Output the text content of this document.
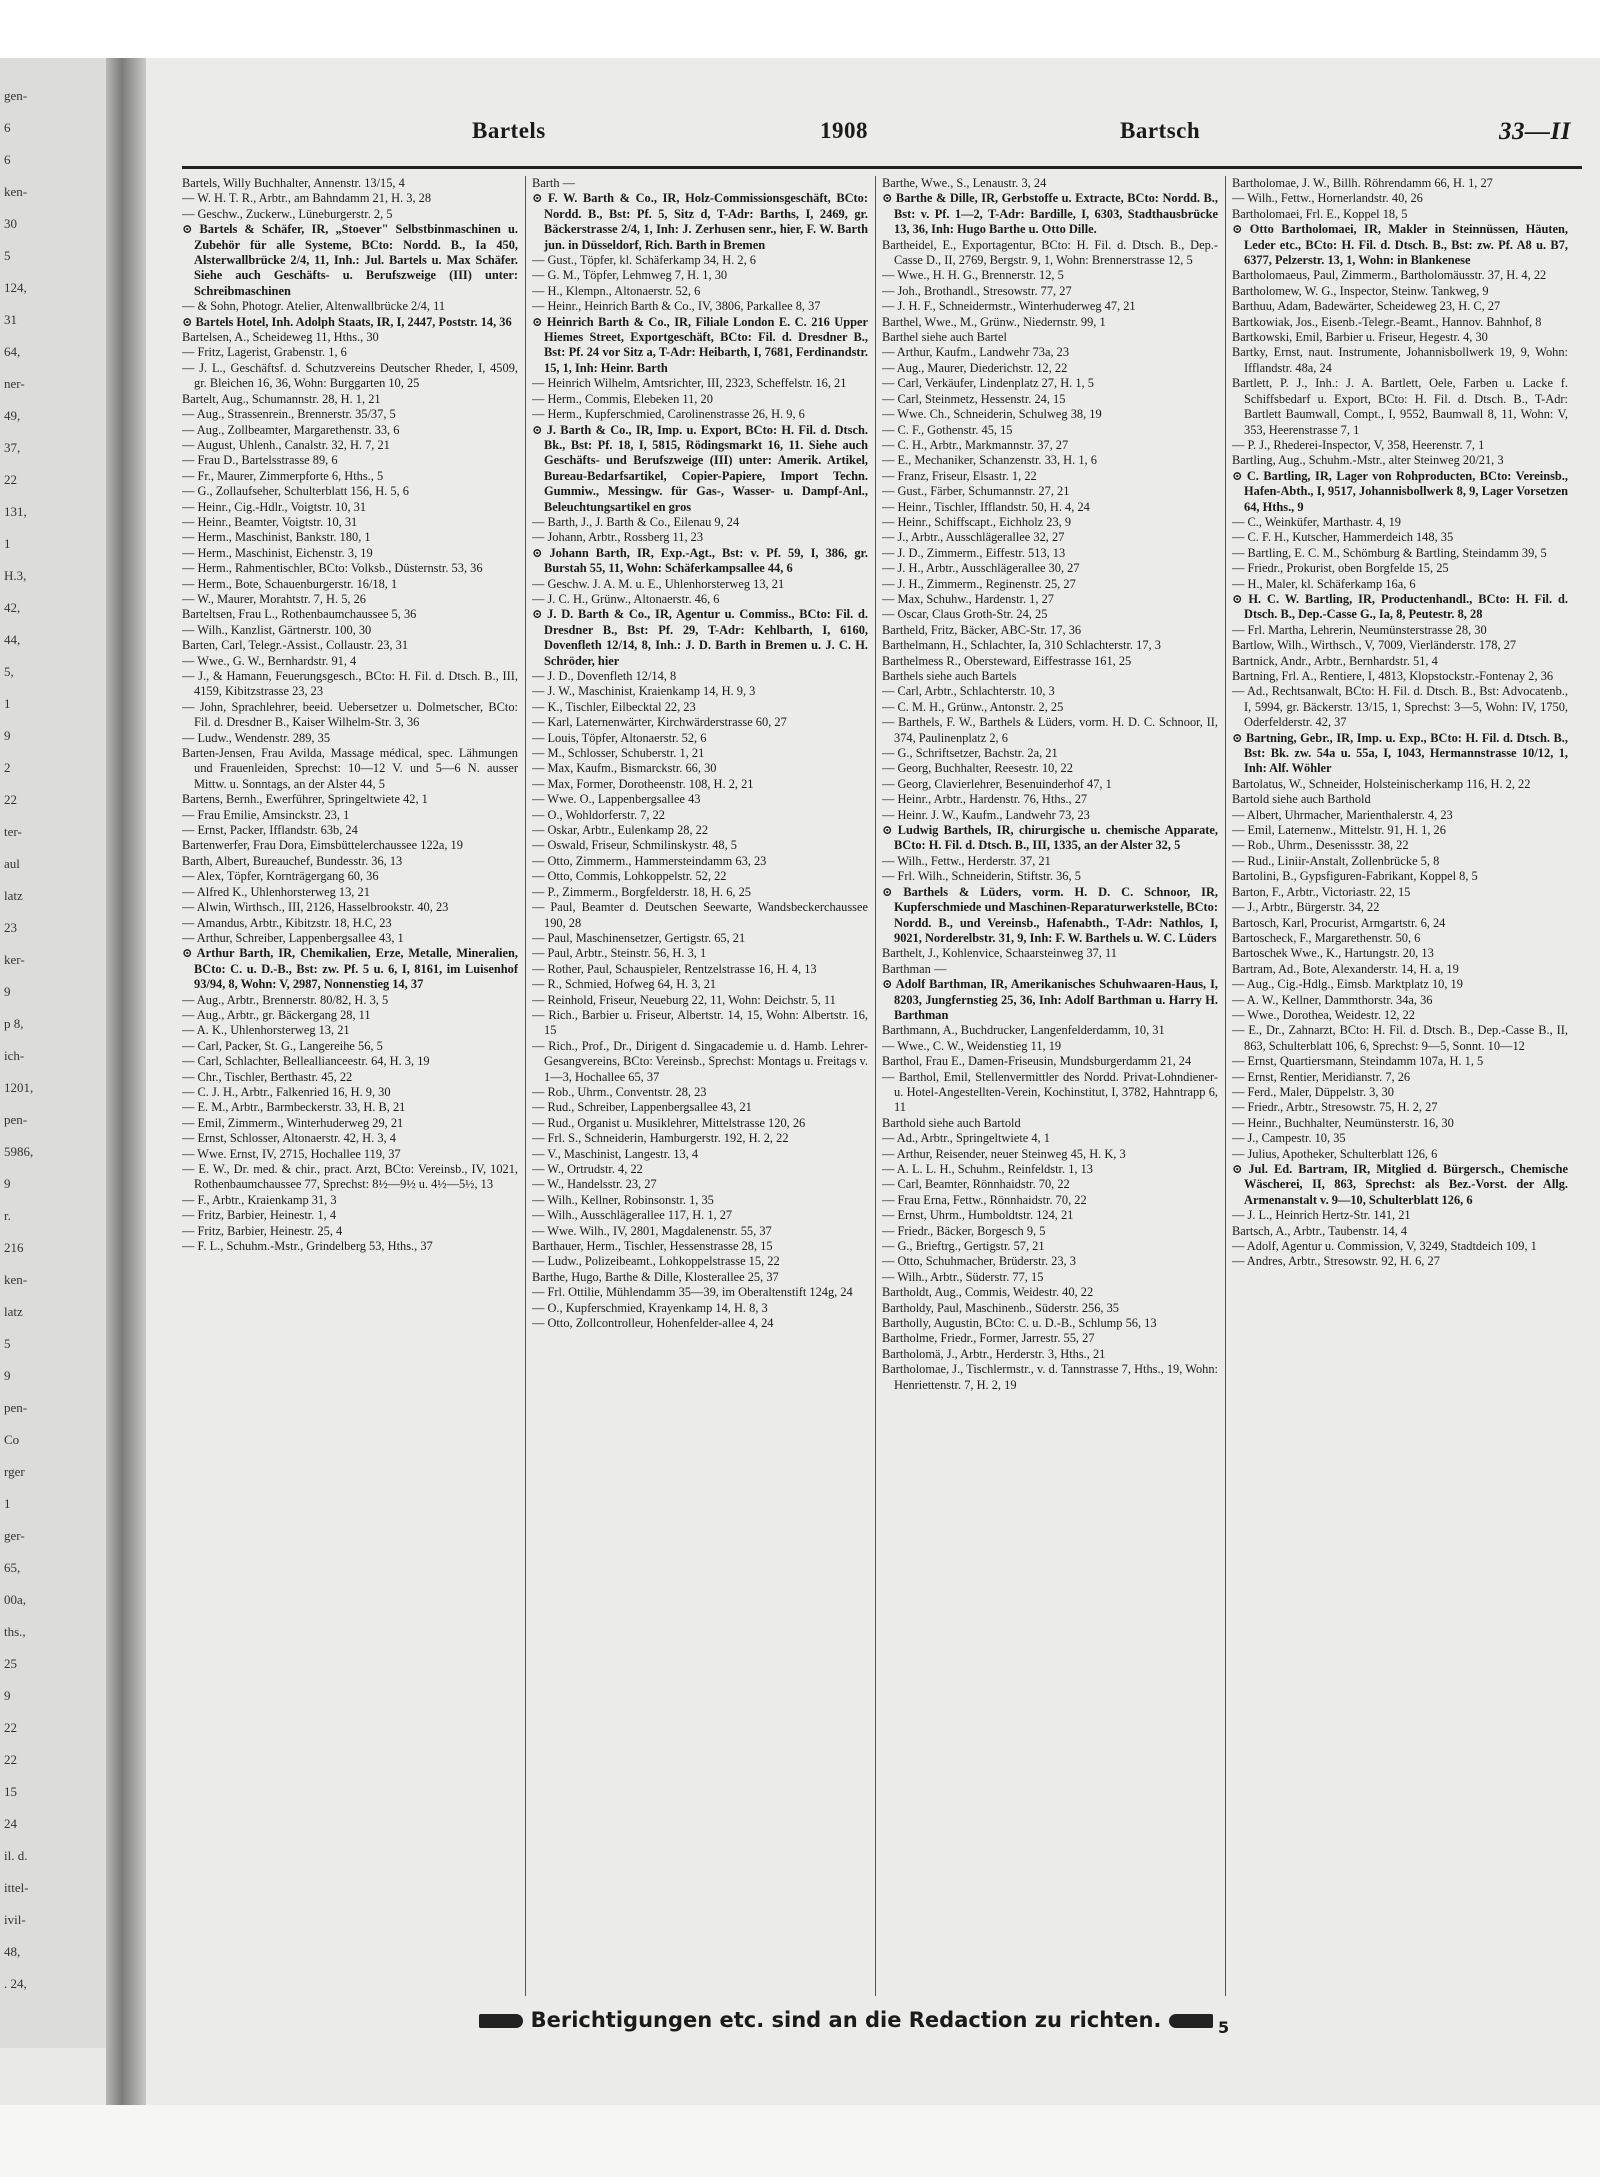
gen-
6
6
ken-
30
5
124,
31
64,
ner-
49,
37,
22
131,
1
H.3,
42,
44,
5,
1
9
2
22
ter-
aul
latz
23
ker-
9
p 8,
ich-
1201,
pen-
5986,
9
r.
216
ken-
latz
5
9
pen-
Co
rger
1
ger-
65,
00a,
ths.,
25
9
22
22
15
24
il. d.
ittel-
ivil-
48,
. 24,
Bartels	1908	Bartsch	33—II

Bartels, Willy Buchhalter, Annenstr. 13/15, 4

— W. H. T. R., Arbtr., am Bahndamm 21, H. 3, 28

— Geschw., Zuckerw., Lüneburgerstr. 2, 5

⊙ Bartels & Schäfer, IR, „Stoever" Selbstbinmaschinen u. Zubehör für alle Systeme, BCto: Nordd. B., Ia 450, Alsterwallbrücke 2/4, 11, Inh.: Jul. Bartels u. Max Schäfer. Siehe auch Geschäfts- u. Berufszweige (III) unter: Schreibmaschinen

— & Sohn, Photogr. Atelier, Altenwallbrücke 2/4, 11

⊙ Bartels Hotel, Inh. Adolph Staats, IR, I, 2447, Poststr. 14, 36

Bartelsen, A., Scheideweg 11, Hths., 30

— Fritz, Lagerist, Grabenstr. 1, 6

— J. L., Geschäftsf. d. Schutzvereins Deutscher Rheder, I, 4509, gr. Bleichen 16, 36, Wohn: Burggarten 10, 25

Bartelt, Aug., Schumannstr. 28, H. 1, 21

— Aug., Strassenrein., Brennerstr. 35/37, 5

— Aug., Zollbeamter, Margarethenstr. 33, 6

— August, Uhlenh., Canalstr. 32, H. 7, 21

— Frau D., Bartelsstrasse 89, 6

— Fr., Maurer, Zimmerpforte 6, Hths., 5

— G., Zollaufseher, Schulterblatt 156, H. 5, 6

— Heinr., Cig.-Hdlr., Voigtstr. 10, 31

— Heinr., Beamter, Voigtstr. 10, 31

— Herm., Maschinist, Bankstr. 180, 1

— Herm., Maschinist, Eichenstr. 3, 19

— Herm., Rahmentischler, BCto: Volksb., Düsternstr. 53, 36

— Herm., Bote, Schauenburgerstr. 16/18, 1

— W., Maurer, Morahtstr. 7, H. 5, 26

Barteltsen, Frau L., Rothenbaumchaussee 5, 36

— Wilh., Kanzlist, Gärtnerstr. 100, 30

Barten, Carl, Telegr.-Assist., Collaustr. 23, 31

— Wwe., G. W., Bernhardstr. 91, 4

— J., & Hamann, Feuerungsgesch., BCto: H. Fil. d. Dtsch. B., III, 4159, Kibitzstrasse 23, 23

— John, Sprachlehrer, beeid. Uebersetzer u. Dolmetscher, BCto: Fil. d. Dresdner B., Kaiser Wilhelm-Str. 3, 36

— Ludw., Wendenstr. 289, 35

Barten-Jensen, Frau Avilda, Massage médical, spec. Lähmungen und Frauenleiden, Sprechst: 10—12 V. und 5—6 N. ausser Mittw. u. Sonntags, an der Alster 44, 5

Bartens, Bernh., Ewerführer, Springeltwiete 42, 1

— Frau Emilie, Amsinckstr. 23, 1

— Ernst, Packer, Ifflandstr. 63b, 24

Bartenwerfer, Frau Dora, Eimsbüttelerchaussee 122a, 19

Barth, Albert, Bureauchef, Bundesstr. 36, 13

— Alex, Töpfer, Kornträgergang 60, 36

— Alfred K., Uhlenhorsterweg 13, 21

— Alwin, Wirthsch., III, 2126, Hasselbrookstr. 40, 23

— Amandus, Arbtr., Kibitzstr. 18, H.C, 23

— Arthur, Schreiber, Lappenbergsallee 43, 1

⊙ Arthur Barth, IR, Chemikalien, Erze, Metalle, Mineralien, BCto: C. u. D.-B., Bst: zw. Pf. 5 u. 6, I, 8161, im Luisenhof 93/94, 8, Wohn: V, 2987, Nonnenstieg 14, 37

— Aug., Arbtr., Brennerstr. 80/82, H. 3, 5

— Aug., Arbtr., gr. Bäckergang 28, 11

— A. K., Uhlenhorsterweg 13, 21

— Carl, Packer, St. G., Langereihe 56, 5

— Carl, Schlachter, Belleallianceestr. 64, H. 3, 19

— Chr., Tischler, Berthastr. 45, 22

— C. J. H., Arbtr., Falkenried 16, H. 9, 30

— E. M., Arbtr., Barmbeckerstr. 33, H. B, 21

— Emil, Zimmerm., Winterhuderweg 29, 21

— Ernst, Schlosser, Altonaerstr. 42, H. 3, 4

— Wwe. Ernst, IV, 2715, Hochallee 119, 37

— E. W., Dr. med. & chir., pract. Arzt, BCto: Vereinsb., IV, 1021, Rothenbaumchaussee 77, Sprechst: 8½—9½ u. 4½—5½, 13

— F., Arbtr., Kraienkamp 31, 3

— Fritz, Barbier, Heinestr. 1, 4

— Fritz, Barbier, Heinestr. 25, 4

— F. L., Schuhm.-Mstr., Grindelberg 53, Hths., 37

Barth —

⊙ F. W. Barth & Co., IR, Holz-Commissionsgeschäft, BCto: Nordd. B., Bst: Pf. 5, Sitz d, T-Adr: Barths, I, 2469, gr. Bäckerstrasse 2/4, 1, Inh: J. Zerhusen senr., hier, F. W. Barth jun. in Düsseldorf, Rich. Barth in Bremen

— Gust., Töpfer, kl. Schäferkamp 34, H. 2, 6

— G. M., Töpfer, Lehmweg 7, H. 1, 30

— H., Klempn., Altonaerstr. 52, 6

— Heinr., Heinrich Barth & Co., IV, 3806, Parkallee 8, 37

⊙ Heinrich Barth & Co., IR, Filiale London E. C. 216 Upper Hiemes Street, Exportgeschäft, BCto: Fil. d. Dresdner B., Bst: Pf. 24 vor Sitz a, T-Adr: Heibarth, I, 7681, Ferdinandstr. 15, 1, Inh: Heinr. Barth

— Heinrich Wilhelm, Amtsrichter, III, 2323, Scheffelstr. 16, 21

— Herm., Commis, Elebeken 11, 20

— Herm., Kupferschmied, Carolinenstrasse 26, H. 9, 6

⊙ J. Barth & Co., IR, Imp. u. Export, BCto: H. Fil. d. Dtsch. Bk., Bst: Pf. 18, I, 5815, Rödingsmarkt 16, 11. Siehe auch Geschäfts- und Berufszweige (III) unter: Amerik. Artikel, Bureau-Bedarfsartikel, Copier-Papiere, Import Techn. Gummiw., Messingw. für Gas-, Wasser- u. Dampf-Anl., Beleuchtungsartikel en gros

— Barth, J., J. Barth & Co., Eilenau 9, 24

— Johann, Arbtr., Rossberg 11, 23

⊙ Johann Barth, IR, Exp.-Agt., Bst: v. Pf. 59, I, 386, gr. Burstah 55, 11, Wohn: Schäferkampsallee 44, 6

— Geschw. J. A. M. u. E., Uhlenhorsterweg 13, 21

— J. C. H., Grünw., Altonaerstr. 46, 6

⊙ J. D. Barth & Co., IR, Agentur u. Commiss., BCto: Fil. d. Dresdner B., Bst: Pf. 29, T-Adr: Kehlbarth, I, 6160, Dovenfleth 12/14, 8, Inh.: J. D. Barth in Bremen u. J. C. H. Schröder, hier

— J. D., Dovenfleth 12/14, 8

— J. W., Maschinist, Kraienkamp 14, H. 9, 3

— K., Tischler, Eilbecktal 22, 23

— Karl, Laternenwärter, Kirchwärderstrasse 60, 27

— Louis, Töpfer, Altonaerstr. 52, 6

— M., Schlosser, Schuberstr. 1, 21

— Max, Kaufm., Bismarckstr. 66, 30

— Max, Former, Dorotheenstr. 108, H. 2, 21

— Wwe. O., Lappenbergsallee 43

— O., Wohldorferstr. 7, 22

— Oskar, Arbtr., Eulenkamp 28, 22

— Oswald, Friseur, Schmilinskystr. 48, 5

— Otto, Zimmerm., Hammersteindamm 63, 23

— Otto, Commis, Lohkoppelstr. 52, 22

— P., Zimmerm., Borgfelderstr. 18, H. 6, 25

— Paul, Beamter d. Deutschen Seewarte, Wandsbeckerchaussee 190, 28

— Paul, Maschinensetzer, Gertigstr. 65, 21

— Paul, Arbtr., Steinstr. 56, H. 3, 1

— Rother, Paul, Schauspieler, Rentzelstrasse 16, H. 4, 13

— R., Schmied, Hofweg 64, H. 3, 21

— Reinhold, Friseur, Neueburg 22, 11, Wohn: Deichstr. 5, 11

— Rich., Barbier u. Friseur, Albertstr. 14, 15, Wohn: Albertstr. 16, 15

— Rich., Prof., Dr., Dirigent d. Singacademie u. d. Hamb. Lehrer-Gesangvereins, BCto: Vereinsb., Sprechst: Montags u. Freitags v. 1—3, Hochallee 65, 37

— Rob., Uhrm., Conventstr. 28, 23

— Rud., Schreiber, Lappenbergsallee 43, 21

— Rud., Organist u. Musiklehrer, Mittelstrasse 120, 26

— Frl. S., Schneiderin, Hamburgerstr. 192, H. 2, 22

— V., Maschinist, Langestr. 13, 4

— W., Ortrudstr. 4, 22

— W., Handelsstr. 23, 27

— Wilh., Kellner, Robinsonstr. 1, 35

— Wilh., Ausschlägerallee 117, H. 1, 27

— Wwe. Wilh., IV, 2801, Magdalenenstr. 55, 37

Barthauer, Herm., Tischler, Hessenstrasse 28, 15

— Ludw., Polizeibeamt., Lohkoppelstrasse 15, 22

Barthe, Hugo, Barthe & Dille, Klosterallee 25, 37

— Frl. Ottilie, Mühlendamm 35—39, im Oberaltenstift 124g, 24

— O., Kupferschmied, Krayenkamp 14, H. 8, 3

— Otto, Zollcontrolleur, Hohenfelder-allee 4, 24

Barthe, Wwe., S., Lenaustr. 3, 24

⊙ Barthe & Dille, IR, Gerbstoffe u. Extracte, BCto: Nordd. B., Bst: v. Pf. 1—2, T-Adr: Bardille, I, 6303, Stadthausbrücke 13, 36, Inh: Hugo Barthe u. Otto Dille.

Bartheidel, E., Exportagentur, BCto: H. Fil. d. Dtsch. B., Dep.-Casse D., II, 2769, Bergstr. 9, 1, Wohn: Brennerstrasse 12, 5

— Wwe., H. H. G., Brennerstr. 12, 5

— Joh., Brothandl., Stresowstr. 77, 27

— J. H. F., Schneidermstr., Winterhuderweg 47, 21

Barthel, Wwe., M., Grünw., Niedernstr. 99, 1

Barthel siehe auch Bartel

— Arthur, Kaufm., Landwehr 73a, 23

— Aug., Maurer, Diederichstr. 12, 22

— Carl, Verkäufer, Lindenplatz 27, H. 1, 5

— Carl, Steinmetz, Hessenstr. 24, 15

— Wwe. Ch., Schneiderin, Schulweg 38, 19

— C. F., Gothenstr. 45, 15

— C. H., Arbtr., Markmannstr. 37, 27

— E., Mechaniker, Schanzenstr. 33, H. 1, 6

— Franz, Friseur, Elsastr. 1, 22

— Gust., Färber, Schumannstr. 27, 21

— Heinr., Tischler, Ifflandstr. 50, H. 4, 24

— Heinr., Schiffscapt., Eichholz 23, 9

— J., Arbtr., Ausschlägerallee 32, 27

— J. D., Zimmerm., Eiffestr. 513, 13

— J. H., Arbtr., Ausschlägerallee 30, 27

— J. H., Zimmerm., Reginenstr. 25, 27

— Max, Schuhw., Hardenstr. 1, 27

— Oscar, Claus Groth-Str. 24, 25

Bartheld, Fritz, Bäcker, ABC-Str. 17, 36

Barthelmann, H., Schlachter, Ia, 310 Schlachterstr. 17, 3

Barthelmess R., Obersteward, Eiffestrasse 161, 25

Barthels siehe auch Bartels

— Carl, Arbtr., Schlachterstr. 10, 3

— C. M. H., Grünw., Antonstr. 2, 25

— Barthels, F. W., Barthels & Lüders, vorm. H. D. C. Schnoor, II, 374, Paulinenplatz 2, 6

— G., Schriftsetzer, Bachstr. 2a, 21

— Georg, Buchhalter, Reesestr. 10, 22

— Georg, Clavierlehrer, Besenuinderhof 47, 1

— Heinr., Arbtr., Hardenstr. 76, Hths., 27

— Heinr. J. W., Kaufm., Landwehr 73, 23

⊙ Ludwig Barthels, IR, chirurgische u. chemische Apparate, BCto: H. Fil. d. Dtsch. B., III, 1335, an der Alster 32, 5

— Wilh., Fettw., Herderstr. 37, 21

— Frl. Wilh., Schneiderin, Stiftstr. 36, 5

⊙ Barthels & Lüders, vorm. H. D. C. Schnoor, IR, Kupferschmiede und Maschinen-Reparaturwerkstelle, BCto: Nordd. B., und Vereinsb., Hafenabth., T-Adr: Nathlos, I, 9021, Norderelbstr. 31, 9, Inh: F. W. Barthels u. W. C. Lüders

Barthelt, J., Kohlenvice, Schaarsteinweg 37, 11

Barthman —

⊙ Adolf Barthman, IR, Amerikanisches Schuhwaaren-Haus, I, 8203, Jungfernstieg 25, 36, Inh: Adolf Barthman u. Harry H. Barthman

Barthmann, A., Buchdrucker, Langenfelderdamm, 10, 31

— Wwe., C. W., Weidenstieg 11, 19

Barthol, Frau E., Damen-Friseusin, Mundsburgerdamm 21, 24

— Barthol, Emil, Stellenvermittler des Nordd. Privat-Lohndiener-u. Hotel-Angestellten-Verein, Kochinstitut, I, 3782, Hahntrapp 6, 11

Barthold siehe auch Bartold

— Ad., Arbtr., Springeltwiete 4, 1

— Arthur, Reisender, neuer Steinweg 45, H. K, 3

— A. L. L. H., Schuhm., Reinfeldstr. 1, 13

— Carl, Beamter, Rönnhaidstr. 70, 22

— Frau Erna, Fettw., Rönnhaidstr. 70, 22

— Ernst, Uhrm., Humboldtstr. 124, 21

— Friedr., Bäcker, Borgesch 9, 5

— G., Brieftrg., Gertigstr. 57, 21

— Otto, Schuhmacher, Brüderstr. 23, 3

— Wilh., Arbtr., Süderstr. 77, 15

Bartholdt, Aug., Commis, Weidestr. 40, 22

Bartholdy, Paul, Maschinenb., Süderstr. 256, 35

Bartholly, Augustin, BCto: C. u. D.-B., Schlump 56, 13

Bartholme, Friedr., Former, Jarrestr. 55, 27

Bartholomä, J., Arbtr., Herderstr. 3, Hths., 21

Bartholomae, J., Tischlermstr., v. d. Tannstrasse 7, Hths., 19, Wohn: Henriettenstr. 7, H. 2, 19

Bartholomae, J. W., Billh. Röhrendamm 66, H. 1, 27

— Wilh., Fettw., Hornerlandstr. 40, 26

Bartholomaei, Frl. E., Koppel 18, 5

⊙ Otto Bartholomaei, IR, Makler in Steinnüssen, Häuten, Leder etc., BCto: H. Fil. d. Dtsch. B., Bst: zw. Pf. A8 u. B7, 6377, Pelzerstr. 13, 1, Wohn: in Blankenese

Bartholomaeus, Paul, Zimmerm., Bartholomäusstr. 37, H. 4, 22

Bartholomew, W. G., Inspector, Steinw. Tankweg, 9

Barthuu, Adam, Badewärter, Scheideweg 23, H. C, 27

Bartkowiak, Jos., Eisenb.-Telegr.-Beamt., Hannov. Bahnhof, 8

Bartkowski, Emil, Barbier u. Friseur, Hegestr. 4, 30

Bartky, Ernst, naut. Instrumente, Johannisbollwerk 19, 9, Wohn: Ifflandstr. 48a, 24

Bartlett, P. J., Inh.: J. A. Bartlett, Oele, Farben u. Lacke f. Schiffsbedarf u. Export, BCto: H. Fil. d. Dtsch. B., T-Adr: Bartlett Baumwall, Compt., I, 9552, Baumwall 8, 11, Wohn: V, 353, Heerenstrasse 7, 1

— P. J., Rhederei-Inspector, V, 358, Heerenstr. 7, 1

Bartling, Aug., Schuhm.-Mstr., alter Steinweg 20/21, 3

⊙ C. Bartling, IR, Lager von Rohproducten, BCto: Vereinsb., Hafen-Abth., I, 9517, Johannisbollwerk 8, 9, Lager Vorsetzen 64, Hths., 9

— C., Weinküfer, Marthastr. 4, 19

— C. F. H., Kutscher, Hammerdeich 148, 35

— Bartling, E. C. M., Schömburg & Bartling, Steindamm 39, 5

— Friedr., Prokurist, oben Borgfelde 15, 25

— H., Maler, kl. Schäferkamp 16a, 6

⊙ H. C. W. Bartling, IR, Productenhandl., BCto: H. Fil. d. Dtsch. B., Dep.-Casse G., Ia, 8, Peutestr. 8, 28

— Frl. Martha, Lehrerin, Neumünsterstrasse 28, 30

Bartlow, Wilh., Wirthsch., V, 7009, Vierländerstr. 178, 27

Bartnick, Andr., Arbtr., Bernhardstr. 51, 4

Bartning, Frl. A., Rentiere, I, 4813, Klopstockstr.-Fontenay 2, 36

— Ad., Rechtsanwalt, BCto: H. Fil. d. Dtsch. B., Bst: Advocatenb., I, 5994, gr. Bäckerstr. 13/15, 1, Sprechst: 3—5, Wohn: IV, 1750, Oderfelderstr. 42, 37

⊙ Bartning, Gebr., IR, Imp. u. Exp., BCto: H. Fil. d. Dtsch. B., Bst: Bk. zw. 54a u. 55a, I, 1043, Hermannstrasse 10/12, 1, Inh: Alf. Wöhler

Bartolatus, W., Schneider, Holsteinischerkamp 116, H. 2, 22

Bartold siehe auch Barthold

— Albert, Uhrmacher, Marienthalerstr. 4, 23

— Emil, Laternenw., Mittelstr. 91, H. 1, 26

— Rob., Uhrm., Desenissstr. 38, 22

— Rud., Liniir-Anstalt, Zollenbrücke 5, 8

Bartolini, B., Gypsfiguren-Fabrikant, Koppel 8, 5

Barton, F., Arbtr., Victoriastr. 22, 15

— J., Arbtr., Bürgerstr. 34, 22

Bartosch, Karl, Procurist, Armgartstr. 6, 24

Bartoscheck, F., Margarethenstr. 50, 6

Bartoschek Wwe., K., Hartungstr. 20, 13

Bartram, Ad., Bote, Alexanderstr. 14, H. a, 19

— Aug., Cig.-Hdlg., Eimsb. Marktplatz 10, 19

— A. W., Kellner, Dammthorstr. 34a, 36

— Wwe., Dorothea, Weidestr. 12, 22

— E., Dr., Zahnarzt, BCto: H. Fil. d. Dtsch. B., Dep.-Casse B., II, 863, Schulterblatt 106, 6, Sprechst: 9—5, Sonnt. 10—12

— Ernst, Quartiersmann, Steindamm 107a, H. 1, 5

— Ernst, Rentier, Meridianstr. 7, 26

— Ferd., Maler, Düppelstr. 3, 30

— Friedr., Arbtr., Stresowstr. 75, H. 2, 27

— Heinr., Buchhalter, Neumünsterstr. 16, 30

— J., Campestr. 10, 35

— Julius, Apotheker, Schulterblatt 126, 6

⊙ Jul. Ed. Bartram, IR, Mitglied d. Bürgersch., Chemische Wäscherei, II, 863, Sprechst: als Bez.-Vorst. der Allg. Armenanstalt v. 9—10, Schulterblatt 126, 6

— J. L., Heinrich Hertz-Str. 141, 21

Bartsch, A., Arbtr., Taubenstr. 14, 4

— Adolf, Agentur u. Commission, V, 3249, Stadtdeich 109, 1

— Andres, Arbtr., Stresowstr. 92, H. 6, 27

Berichtigungen etc. sind an die Redaction zu richten.	5
